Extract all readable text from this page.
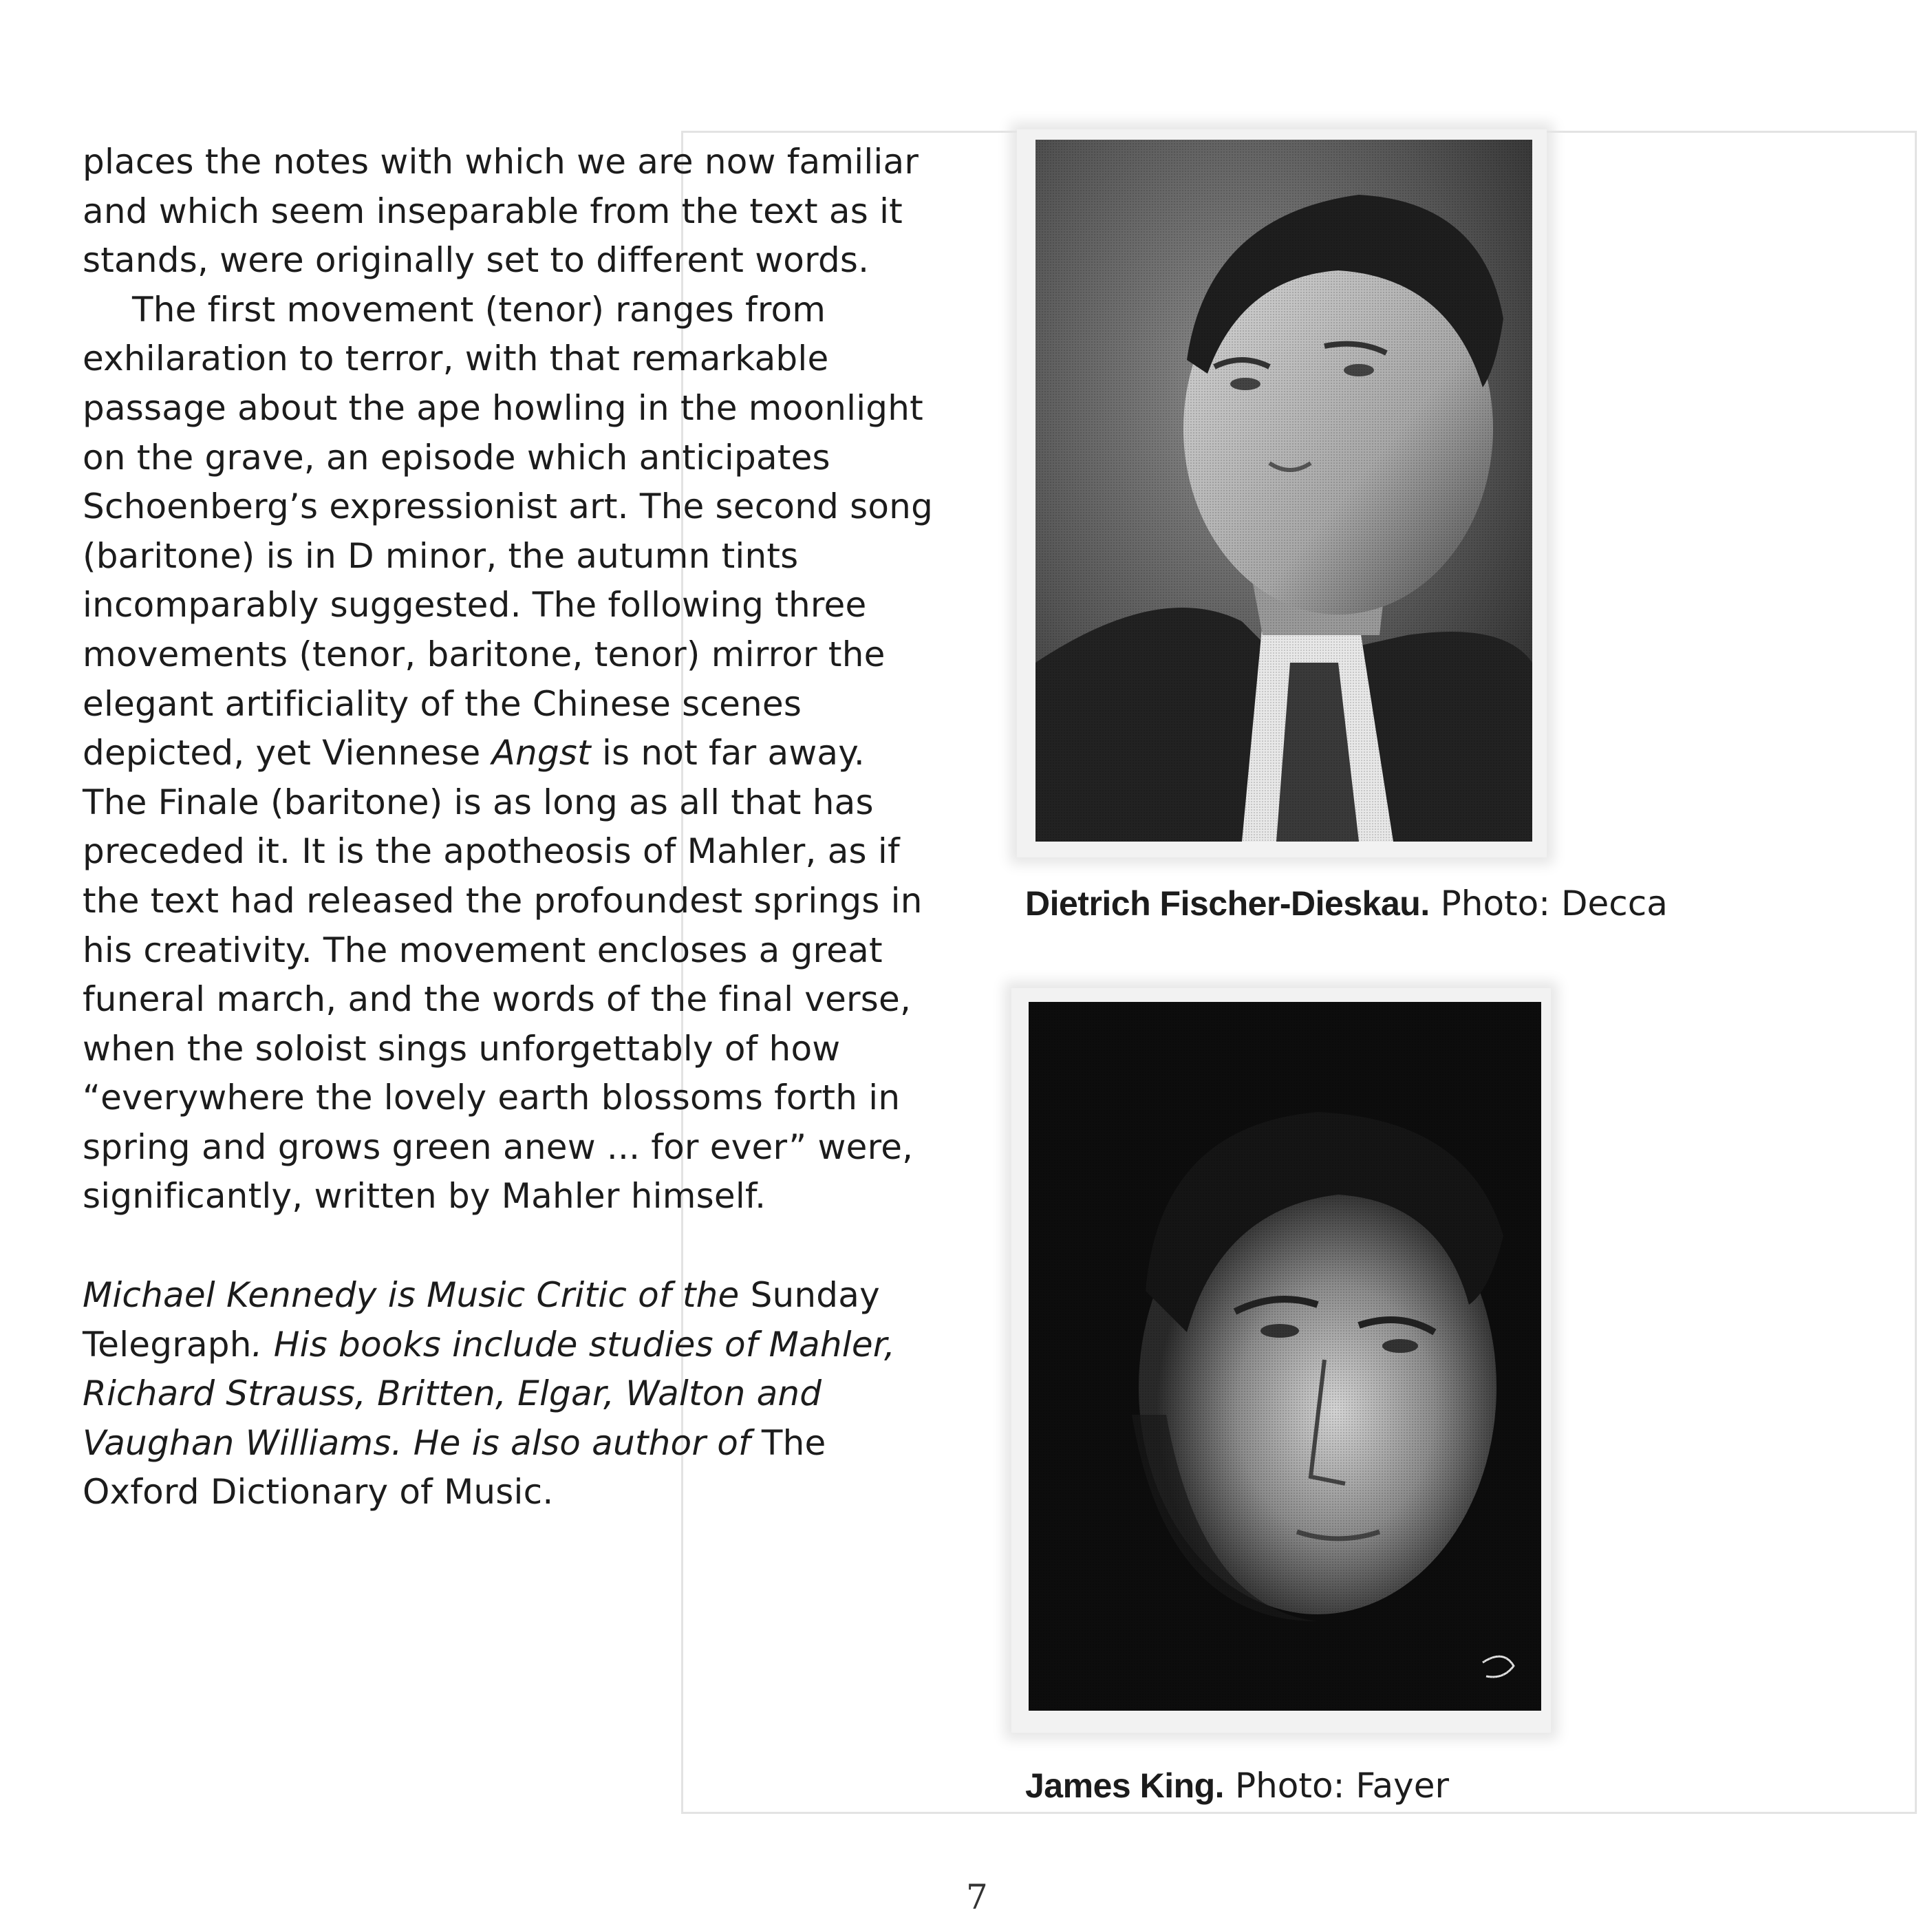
places the notes with which we are now familiar and which seem inseparable from the text as it stands, were originally set to different words.

The first movement (tenor) ranges from exhilaration to terror, with that remarkable passage about the ape howling in the moonlight on the grave, an episode which anticipates Schoenberg’s expressionist art. The second song (baritone) is in D minor, the autumn tints incomparably suggested. The following three movements (tenor, baritone, tenor) mirror the elegant artificiality of the Chinese scenes depicted, yet Viennese Angst is not far away. The Finale (baritone) is as long as all that has preceded it. It is the apotheosis of Mahler, as if the text had released the profoundest springs in his creativity. The movement encloses a great funeral march, and the words of the final verse, when the soloist sings unforgettably of how “everywhere the lovely earth blossoms forth in spring and grows green anew ... for ever” were, significantly, written by Mahler himself.

Michael Kennedy is Music Critic of the Sunday Telegraph. His books include studies of Mahler, Richard Strauss, Britten, Elgar, Walton and Vaughan Williams. He is also author of The Oxford Dictionary of Music.

Dietrich Fischer-Dieskau. Photo: Decca
James King. Photo: Fayer
7
